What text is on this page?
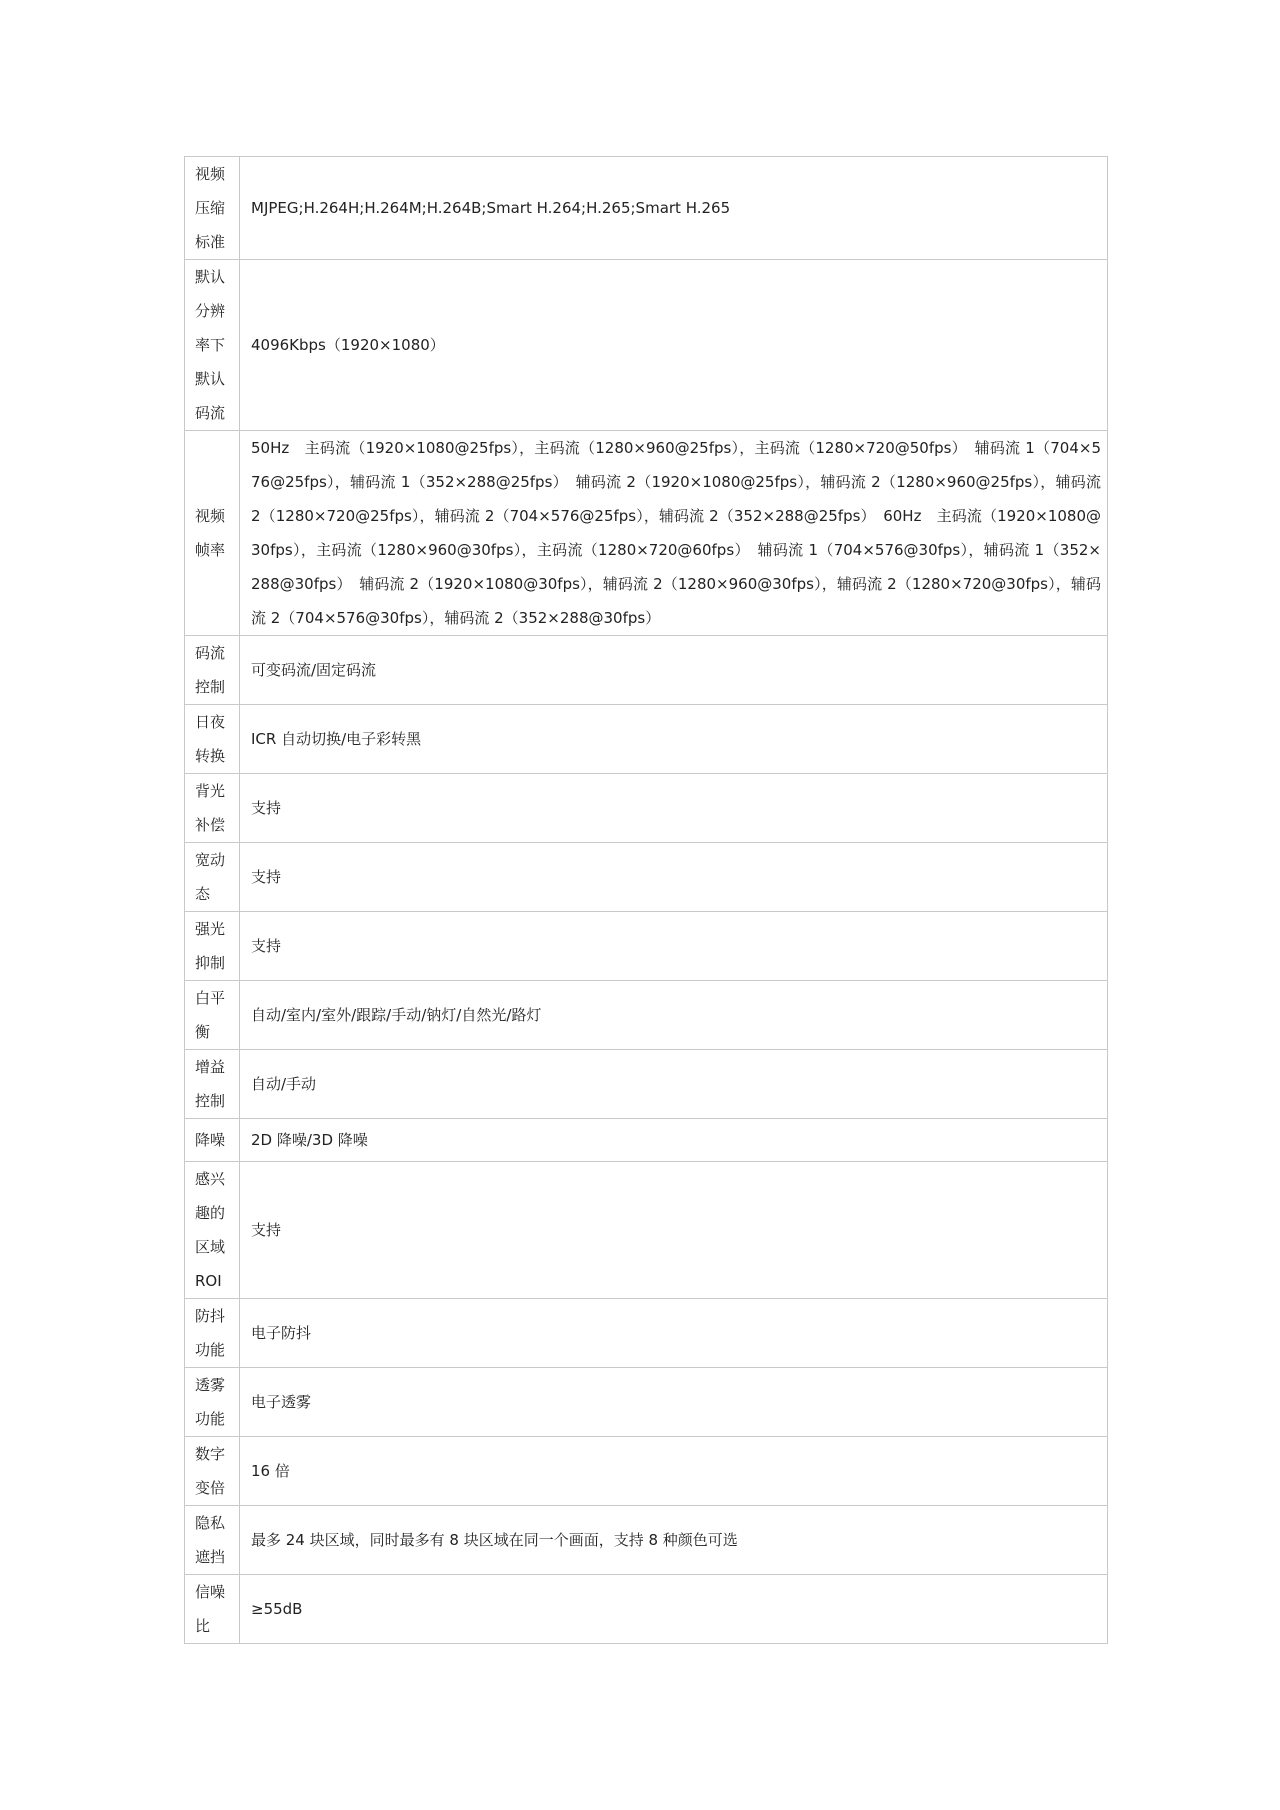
视频压缩标准	MJPEG;H.264H;H.264M;H.264B;Smart H.264;H.265;Smart H.265
默认分辨率下默认码流	4096Kbps（1920×1080）
视频帧率	50Hz　主码流（1920×1080@25fps），主码流（1280×960@25fps），主码流（1280×720@50fps）　辅码流 1（704×576@25fps），辅码流 1（352×288@25fps）　辅码流 2（1920×1080@25fps），辅码流 2（1280×960@25fps），辅码流 2（1280×720@25fps），辅码流 2（704×576@25fps），辅码流 2（352×288@25fps）　60Hz　主码流（1920×1080@30fps），主码流（1280×960@30fps），主码流（1280×720@60fps）　辅码流 1（704×576@30fps），辅码流 1（352× 288@30fps）　辅码流 2（1920×1080@30fps），辅码流 2（1280×960@30fps），辅码流 2（1280×720@30fps），辅码流 2（704×576@30fps），辅码流 2（352×288@30fps）
码流控制	可变码流/固定码流
日夜转换	ICR 自动切换/电子彩转黑
背光补偿	支持
宽动态	支持
强光抑制	支持
白平衡	自动/室内/室外/跟踪/手动/钠灯/自然光/路灯
增益控制	自动/手动
降噪	2D 降噪/3D 降噪
感兴趣的区域ROI	支持
防抖功能	电子防抖
透雾功能	电子透雾
数字变倍	16 倍
隐私遮挡	最多 24 块区域，同时最多有 8 块区域在同一个画面，支持 8 种颜色可选
信噪比	≥55dB
